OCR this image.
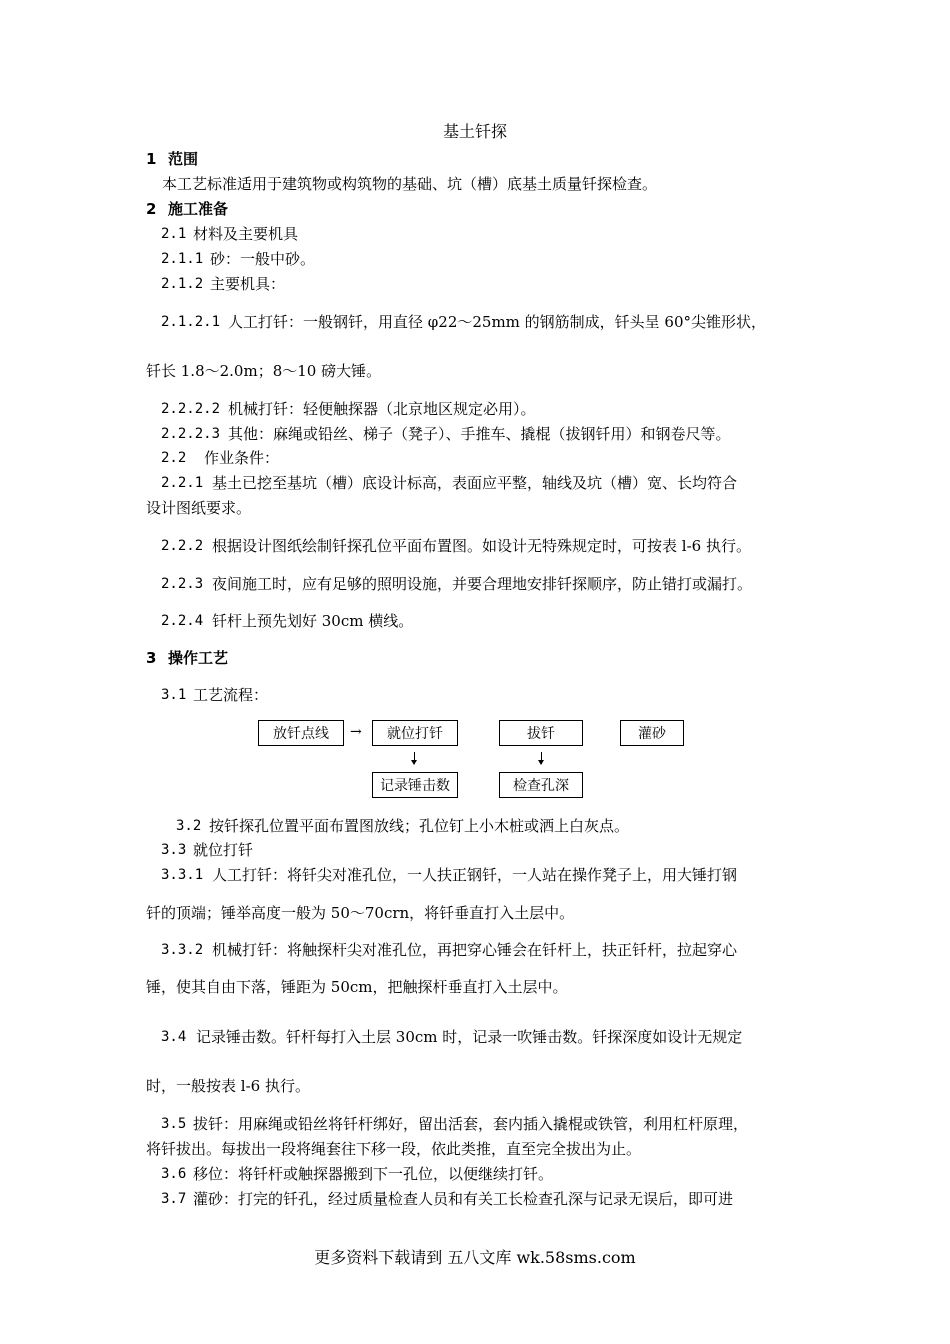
基土钎探
1 范围
本工艺标准适用于建筑物或构筑物的基础、坑（槽）底基土质量钎探检查。
2 施工准备
2.1 材料及主要机具
2.1.1 砂：一般中砂。
2.1.2 主要机具：
2.1.2.1 人工打钎：一般钢钎，用直径 φ22～25mm 的钢筋制成，钎头呈 60°尖锥形状，
钎长 1.8～2.0m；8～10 磅大锤。
2.2.2.2 机械打钎：轻便触探器（北京地区规定必用）。
2.2.2.3 其他：麻绳或铅丝、梯子（凳子）、手推车、撬棍（拔钢钎用）和钢卷尺等。
2.2 作业条件：
2.2.1 基土已挖至基坑（槽）底设计标高，表面应平整，轴线及坑（槽）宽、长均符合
设计图纸要求。
2.2.2 根据设计图纸绘制钎探孔位平面布置图。如设计无特殊规定时，可按表 l-6 执行。
2.2.3 夜间施工时，应有足够的照明设施，并要合理地安排钎探顺序，防止错打或漏打。
2.2.4 钎杆上预先划好 30cm 横线。
3 操作工艺
3.1 工艺流程：
放钎点线	→	就位打钎	拔钎	灌砂
记录锤击数	检查孔深
3.2 按钎探孔位置平面布置图放线；孔位钉上小木桩或洒上白灰点。
3.3 就位打钎
3.3.1 人工打钎：将钎尖对准孔位，一人扶正钢钎，一人站在操作凳子上，用大锤打钢
钎的顶端；锤举高度一般为 50～70crn，将钎垂直打入土层中。
3.3.2 机械打钎：将触探杆尖对准孔位，再把穿心锤会在钎杆上，扶正钎杆，拉起穿心
锤，使其自由下落，锤距为 50cm，把触探杆垂直打入土层中。
3.4 记录锤击数。钎杆每打入土层 30cm 时，记录一吹锤击数。钎探深度如设计无规定
时，一般按表 l-6 执行。
3.5 拔钎：用麻绳或铅丝将钎杆绑好，留出活套，套内插入撬棍或铁管，利用杠杆原理，
将钎拔出。每拔出一段将绳套往下移一段，依此类推，直至完全拔出为止。
3.6 移位：将钎杆或触探器搬到下一孔位，以便继续打钎。
3.7 灌砂：打完的钎孔，经过质量检查人员和有关工长检查孔深与记录无误后，即可进
更多资料下载请到 五八文库 wk.58sms.com
